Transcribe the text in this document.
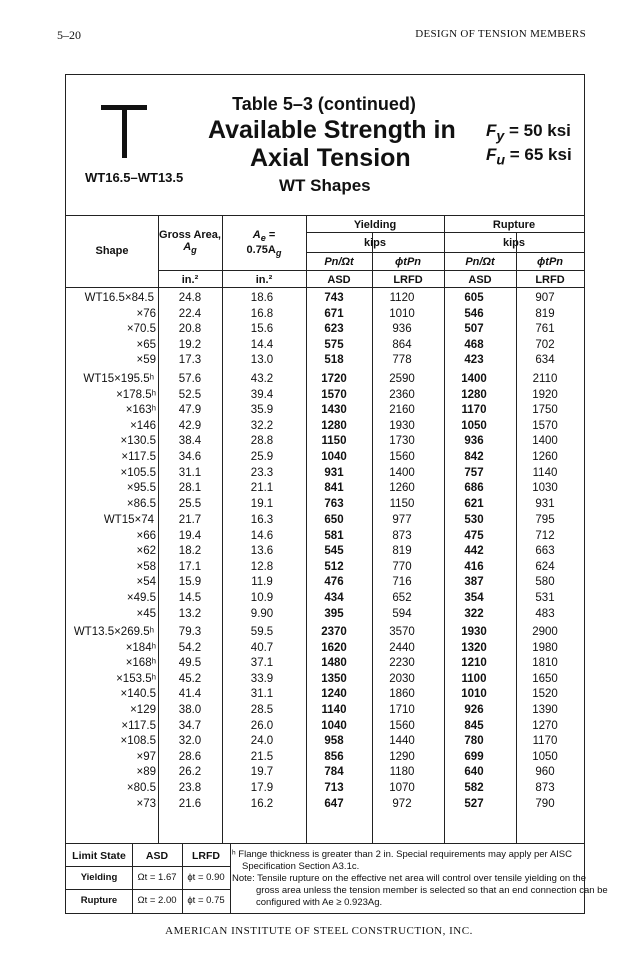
5–20	DESIGN OF TENSION MEMBERS
WT16.5–WT13.5
Table 5–3 (continued)
Available Strength in
Axial Tension
WT Shapes
$F_y = 50$ ksi
$F_u = 65$ ksi
Shape
Gross Area,
$A_g$
$A_e$ =
$0.75A_g$
Yielding	Rupture
kips	kips
Pn/Ωt	ϕtPn	Pn/Ωt	ϕtPn
in.²	in.²	ASD	LRFD	ASD	LRFD
WT16.5×84.5	24.8	18.6	743	1120	605	907
×76	22.4	16.8	671	1010	546	819
×70.5	20.8	15.6	623	936	507	761
×65	19.2	14.4	575	864	468	702
×59	17.3	13.0	518	778	423	634
WT15×195.5ʰ	57.6	43.2	1720	2590	1400	2110
×178.5ʰ	52.5	39.4	1570	2360	1280	1920
×163ʰ	47.9	35.9	1430	2160	1170	1750
×146	42.9	32.2	1280	1930	1050	1570
×130.5	38.4	28.8	1150	1730	936	1400
×117.5	34.6	25.9	1040	1560	842	1260
×105.5	31.1	23.3	931	1400	757	1140
×95.5	28.1	21.1	841	1260	686	1030
×86.5	25.5	19.1	763	1150	621	931
WT15×74	21.7	16.3	650	977	530	795
×66	19.4	14.6	581	873	475	712
×62	18.2	13.6	545	819	442	663
×58	17.1	12.8	512	770	416	624
×54	15.9	11.9	476	716	387	580
×49.5	14.5	10.9	434	652	354	531
×45	13.2	9.90	395	594	322	483
WT13.5×269.5ʰ	79.3	59.5	2370	3570	1930	2900
×184ʰ	54.2	40.7	1620	2440	1320	1980
×168ʰ	49.5	37.1	1480	2230	1210	1810
×153.5ʰ	45.2	33.9	1350	2030	1100	1650
×140.5	41.4	31.1	1240	1860	1010	1520
×129	38.0	28.5	1140	1710	926	1390
×117.5	34.7	26.0	1040	1560	845	1270
×108.5	32.0	24.0	958	1440	780	1170
×97	28.6	21.5	856	1290	699	1050
×89	26.2	19.7	784	1180	640	960
×80.5	23.8	17.9	713	1070	582	873
×73	21.6	16.2	647	972	527	790
Limit State	ASD	LRFD
Yielding	Ωt = 1.67	ϕt = 0.90
Rupture	Ωt = 2.00	ϕt = 0.75
ʰ Flange thickness is greater than 2 in. Special requirements may apply per AISC
Specification Section A3.1c.
Note: Tensile rupture on the effective net area will control over tensile yielding on the
gross area unless the tension member is selected so that an end connection can be
configured with Ae ≥ 0.923Ag.
AMERICAN INSTITUTE OF STEEL CONSTRUCTION, INC.
